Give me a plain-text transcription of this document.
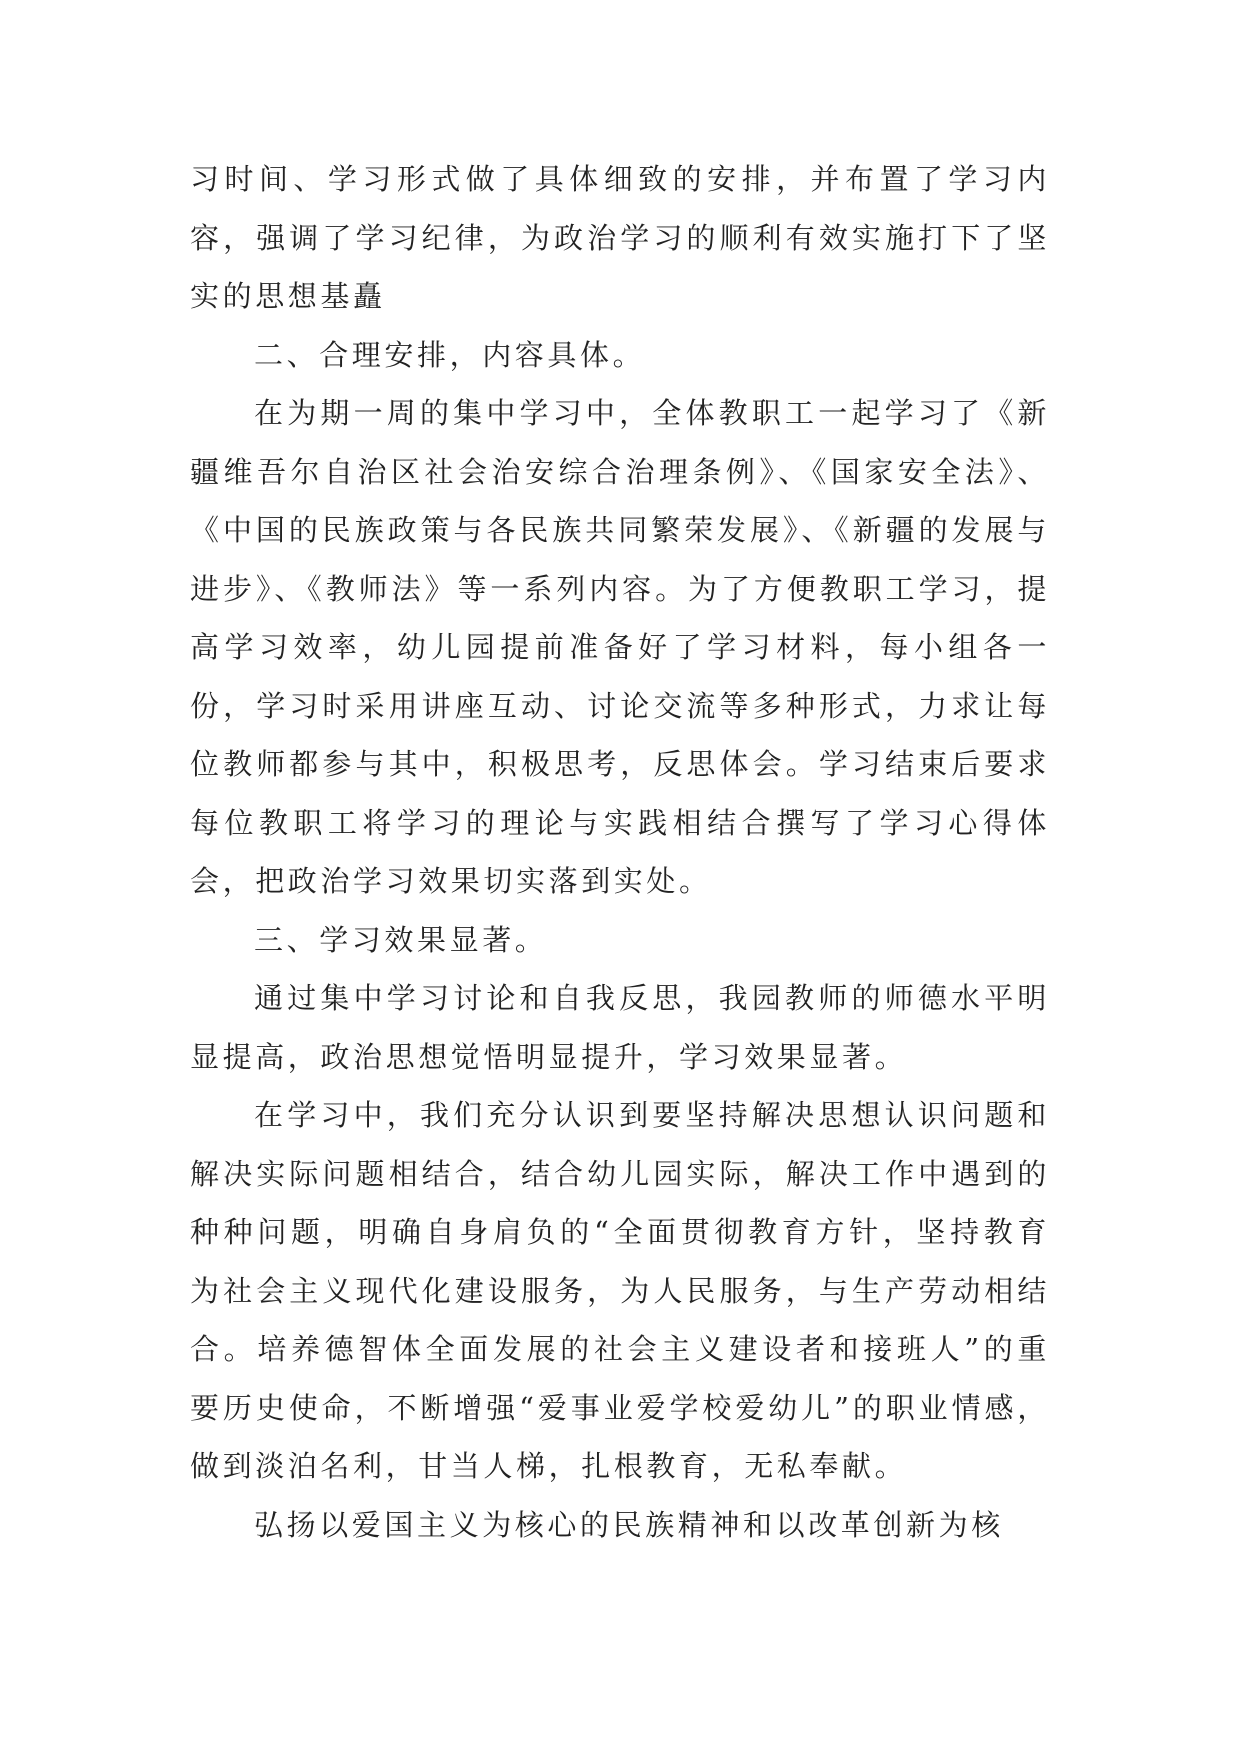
习时间、学习形式做了具体细致的安排，并布置了学习内容，强调了学习纪律，为政治学习的顺利有效实施打下了坚实的思想基矗

二、合理安排，内容具体。

在为期一周的集中学习中，全体教职工一起学习了《新疆维吾尔自治区社会治安综合治理条例》、《国家安全法》、《中国的民族政策与各民族共同繁荣发展》、《新疆的发展与进步》、《教师法》等一系列内容。为了方便教职工学习，提高学习效率，幼儿园提前准备好了学习材料，每小组各一份，学习时采用讲座互动、讨论交流等多种形式，力求让每位教师都参与其中，积极思考，反思体会。学习结束后要求每位教职工将学习的理论与实践相结合撰写了学习心得体会，把政治学习效果切实落到实处。

三、学习效果显著。

通过集中学习讨论和自我反思，我园教师的师德水平明显提高，政治思想觉悟明显提升，学习效果显著。

在学习中，我们充分认识到要坚持解决思想认识问题和解决实际问题相结合，结合幼儿园实际，解决工作中遇到的种种问题，明确自身肩负的“全面贯彻教育方针，坚持教育为社会主义现代化建设服务，为人民服务，与生产劳动相结合。培养德智体全面发展的社会主义建设者和接班人”的重要历史使命，不断增强“爱事业爱学校爱幼儿”的职业情感，做到淡泊名利，甘当人梯，扎根教育，无私奉献。

弘扬以爱国主义为核心的民族精神和以改革创新为核
